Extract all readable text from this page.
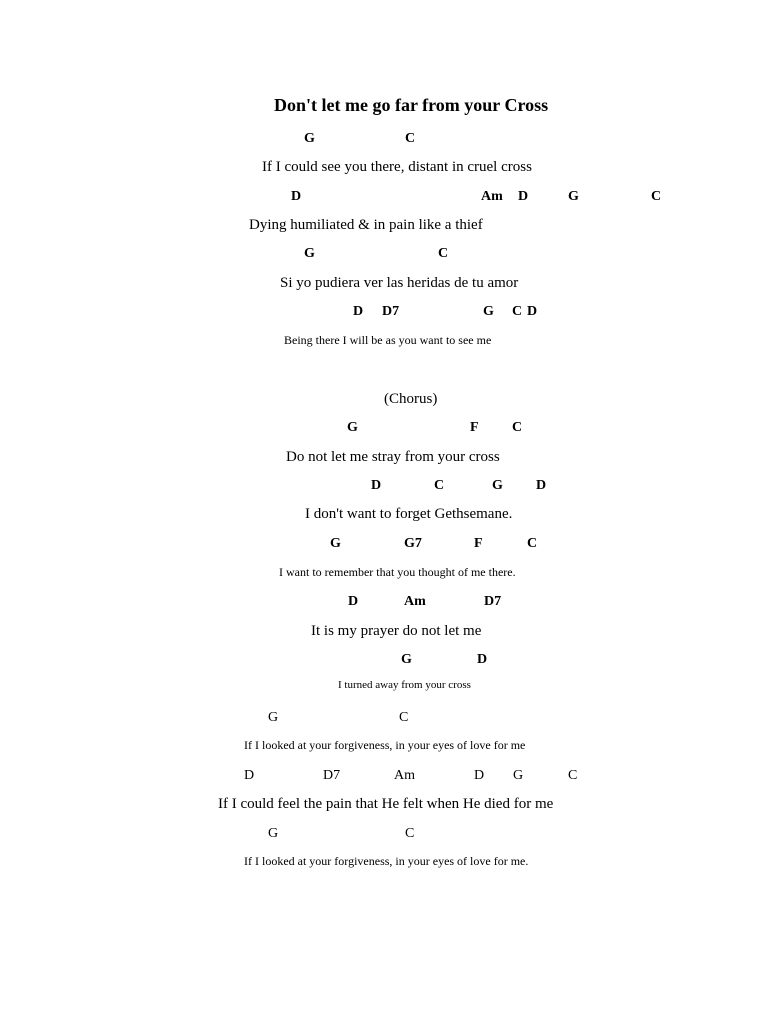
Don't let me go far from your Cross
G	C
If I could see you there, distant in cruel cross
D	Am D	G	C
Dying humiliated & in pain like a thief
G	C
Si yo pudiera ver las heridas de tu amor
D D7	G C D
Being there I will be as you want to see me
(Chorus)
G	F C
Do not let me stray from your cross
D	C	G D
I don't want to forget Gethsemane.
G	G7	F	C
I want to remember that you thought of me there.
D	Am	D7
It is my prayer do not let me
G	D
I turned away from your cross
G	C
If I looked at your forgiveness, in your eyes of love for me
D	D7	Am	D G	C
If I could feel the pain that He felt when He died for me
G	C
If I looked at your forgiveness, in your eyes of love for me.
